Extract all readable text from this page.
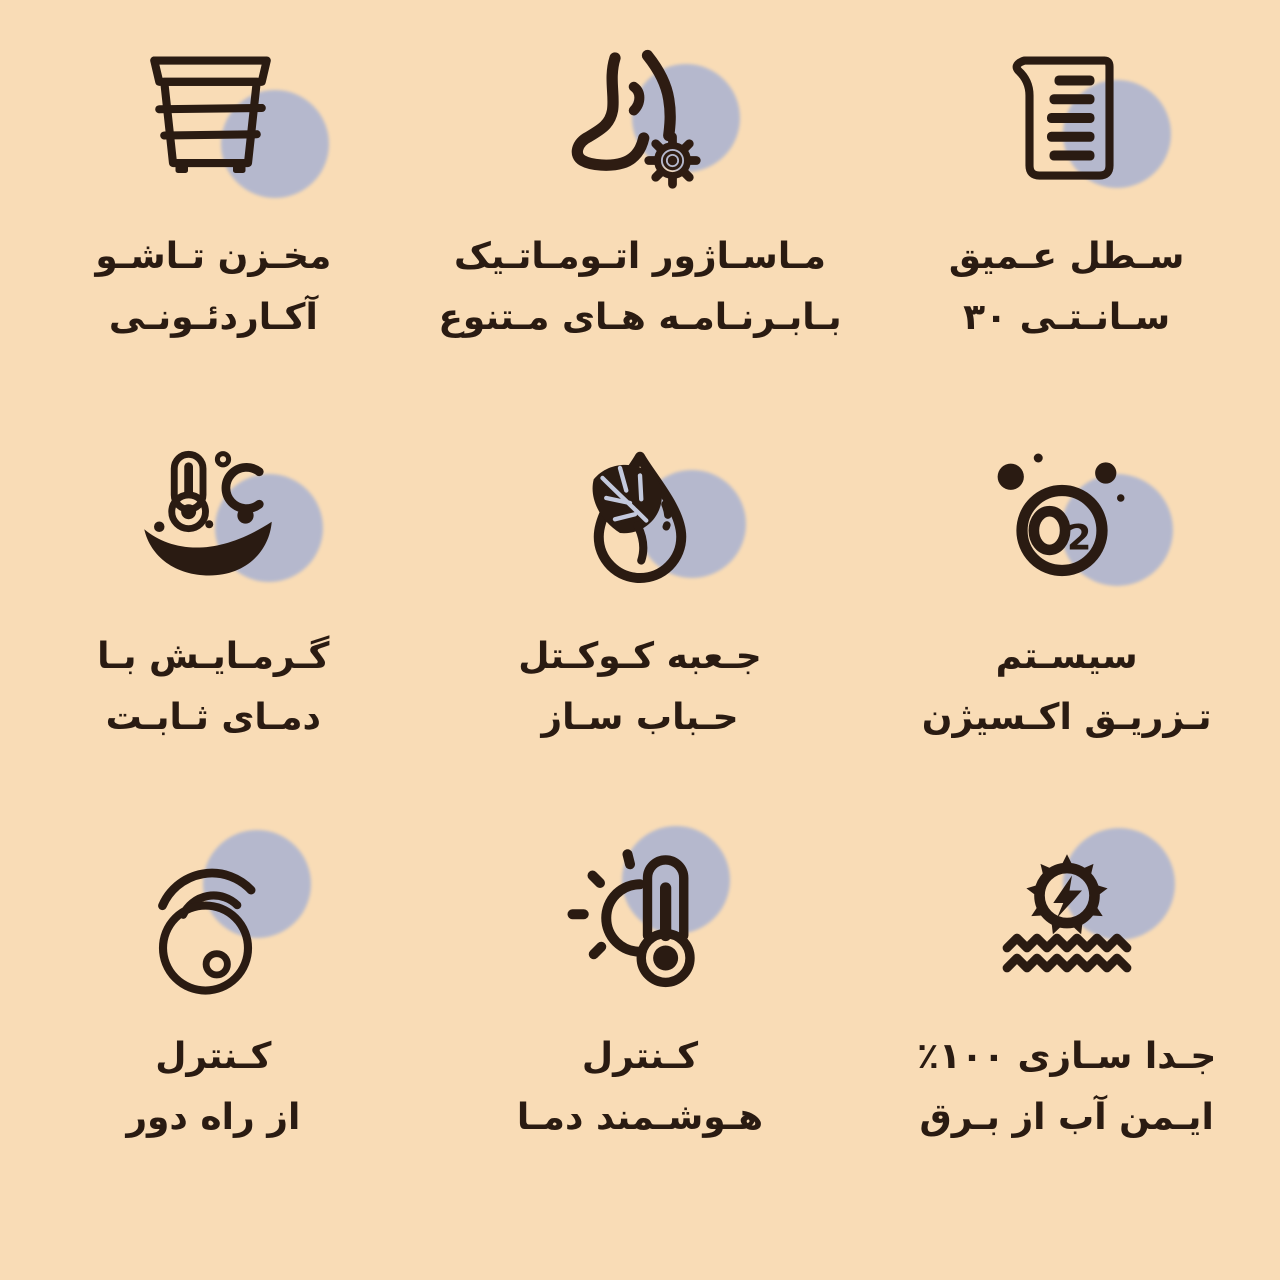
مخـزن تـاشـو
آکـاردئـونـی
مـاسـاژور اتـومـاتـیک
بـابـرنـامـه هـای مـتنوع
سـطل عـمیق
۳۰ سـانـتـی
گـرمـایـش بـا
دمـای ثـابـت
جـعبه کـوکـتل
حـباب سـاز
2
سیسـتم
تـزریـق اکـسیژن
کـنترل
از راه دور
کـنترل
هـوشـمند دمـا
جـدا سـازی ۱۰۰٪
ایـمن آب از بـرق
